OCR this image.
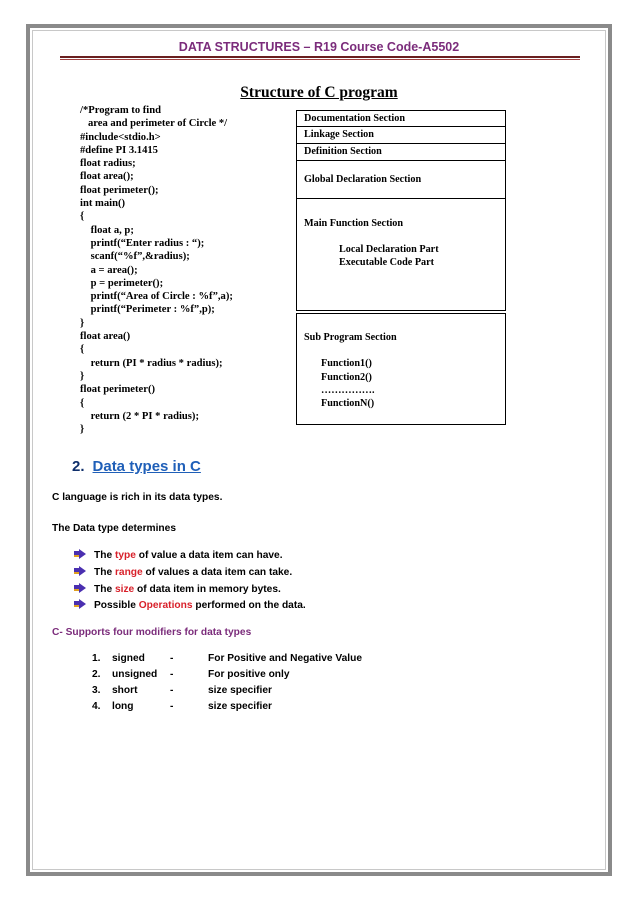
DATA STRUCTURES – R19 Course Code-A5502
Structure of C program
/*Program to find
area and perimeter of Circle */
#include<stdio.h>
#define PI 3.1415
float radius;
float area();
float perimeter();
int main()
{
float a, p;
printf(“Enter radius : “);
scanf(“%f”,&radius);
a = area();
p = perimeter();
printf(“Area of Circle : %f”,a);
printf(“Perimeter : %f”,p);
}
float area()
{
return (PI * radius * radius);
}
float perimeter()
{
return (2 * PI * radius);
}
Documentation Section
Linkage Section
Definition Section
Global Declaration Section
Main Function Section
Local Declaration Part
Executable Code Part
Sub Program Section
Function1()
Function2()
…………….
FunctionN()
2. Data types in C
C language is rich in its data types.
The Data type determines
The type of value a data item can have.
The range of values a data item can take.
The size of data item in memory bytes.
Possible Operations performed on the data.
C- Supports four modifiers for data types
1. signed -	For Positive and Negative Value
2. unsigned -	For positive only
3. short	-	size specifier
4. long	-	size specifier
